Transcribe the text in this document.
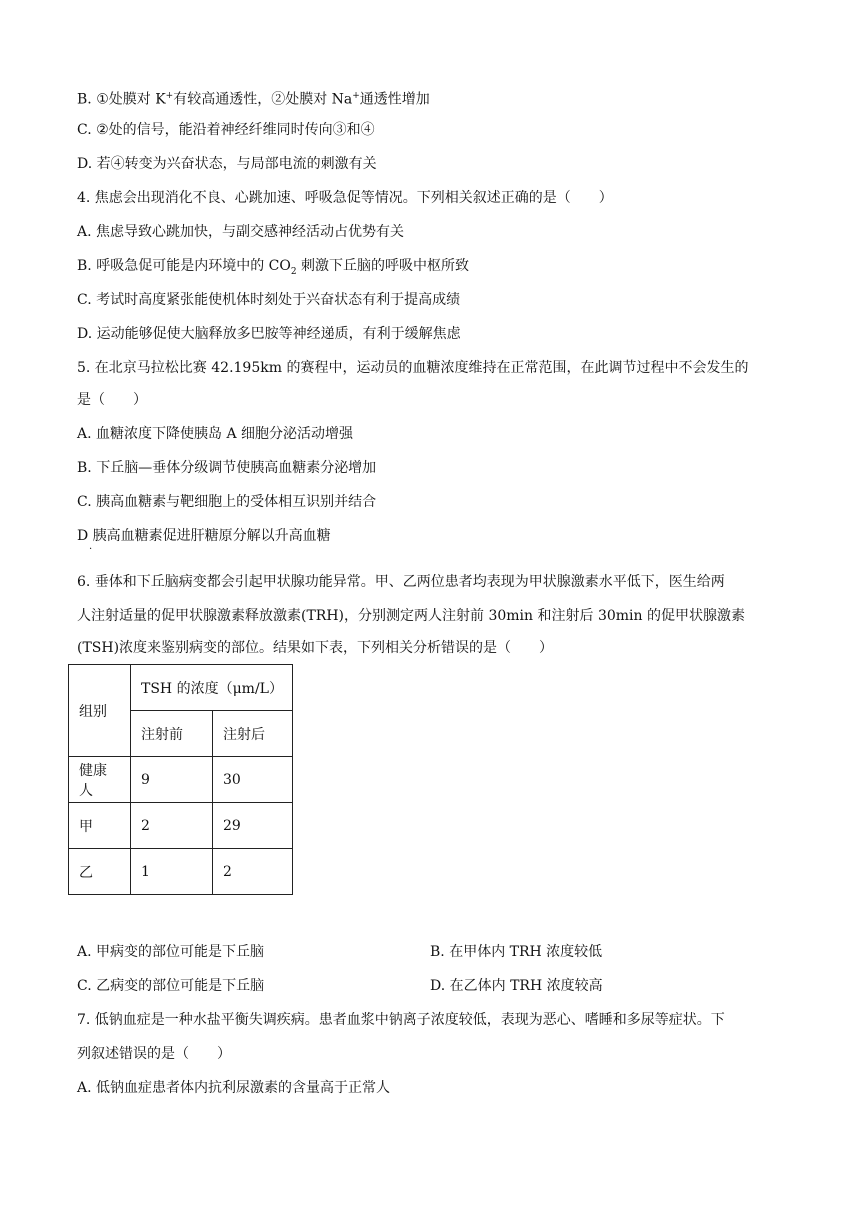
B. ①处膜对 K+有较高通透性，②处膜对 Na+通透性增加
C. ②处的信号，能沿着神经纤维同时传向③和④
D. 若④转变为兴奋状态，与局部电流的刺激有关
4. 焦虑会出现消化不良、心跳加速、呼吸急促等情况。下列相关叙述正确的是（　　）
A. 焦虑导致心跳加快，与副交感神经活动占优势有关
B. 呼吸急促可能是内环境中的 $CO_2$ 刺激下丘脑的呼吸中枢所致
C. 考试时高度紧张能使机体时刻处于兴奋状态有利于提高成绩
D. 运动能够促使大脑释放多巴胺等神经递质，有利于缓解焦虑
5. 在北京马拉松比赛 42.195km 的赛程中，运动员的血糖浓度维持在正常范围，在此调节过程中不会发生的
是（　　）
A. 血糖浓度下降使胰岛 A 细胞分泌活动增强
B. 下丘脑—垂体分级调节使胰高血糖素分泌增加
C. 胰高血糖素与靶细胞上的受体相互识别并结合
D 胰高血糖素促进肝糖原分解以升高血糖
.
6. 垂体和下丘脑病变都会引起甲状腺功能异常。甲、乙两位患者均表现为甲状腺激素水平低下，医生给两
人注射适量的促甲状腺激素释放激素(TRH)，分别测定两人注射前 30min 和注射后 30min 的促甲状腺激素
(TSH)浓度来鉴别病变的部位。结果如下表，下列相关分析错误的是（　　）
组别	TSH 的浓度（μm/L）	
	注射前	注射后
健康人	9	30
甲	2	29
乙	1	2
A. 甲病变的部位可能是下丘脑	B. 在甲体内 TRH 浓度较低
C. 乙病变的部位可能是下丘脑	D. 在乙体内 TRH 浓度较高
7. 低钠血症是一种水盐平衡失调疾病。患者血浆中钠离子浓度较低，表现为恶心、嗜睡和多尿等症状。下
列叙述错误的是（　　）
A. 低钠血症患者体内抗利尿激素的含量高于正常人
